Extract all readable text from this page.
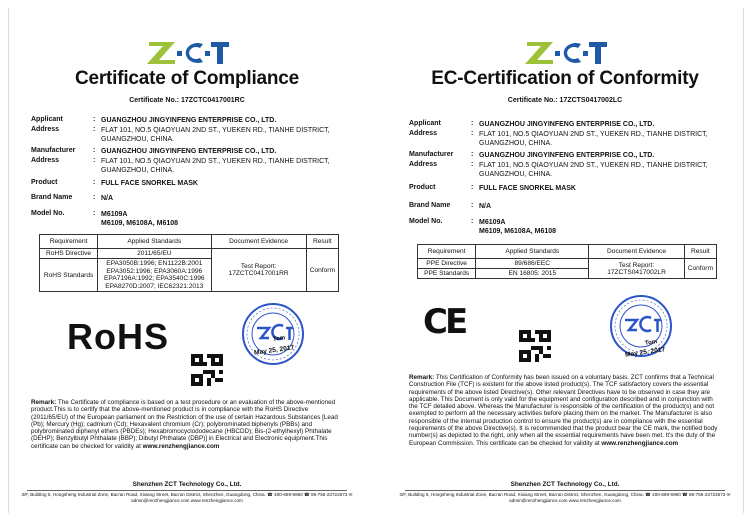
Certificate of Compliance
Certificate No.: 17ZCTC0417001RC
Applicant	: GUANGZHOU JINGYINFENG ENTERPRISE CO., LTD.
Address	: FLAT 101, NO.5 QIAOYUAN 2ND ST., YUEKEN RD., TIANHE DISTRICT, GUANGZHOU, CHINA.
Manufacturer	: GUANGZHOU JINGYINFENG ENTERPRISE CO., LTD.
Address	: FLAT 101, NO.5 QIAOYUAN 2ND ST., YUEKEN RD., TIANHE DISTRICT, GUANGZHOU, CHINA.
Product	: FULL FACE SNORKEL MASK
Brand Name	: N/A
Model No.	: M6109A
M6109, M6108A, M6108
Requirement	Applied Standards	Document Evidence	Result
RoHS Directive	2011/65/EU	Test Report: 17ZCTC0417001RR	Conform
RoHS Standards	EPA3050B:1996; EN1122B:2001 EPA3052:1996; EPA3060A:1996 EPA7196A:1992; EPA3540C:1996 EPA8270D:2007; IEC62321:2013		
RoHS	Tom
May 25, 2017
Remark: The Certificate of compliance is based on a test procedure or an evaluation of the above-mentioned product.This is to certify that the above-mentioned product is in compliance with the RoHS Directive (2011/65/EU) of the European parliament on the Restriction of the use of certain Hazardous Substances [Lead (Pb); Mercury (Hg); cadmium (Cd); Hexavalent chromium (Cr); polybrominated biphenyls (PBBs) and polybrominated diphenyl ethers (PBDEs); Hexabromocyclododecane (HBCDD); Bis-(2-ethylhexyl) Phthalate (DEHP); Benzylbutyl Phthalate (BBP); Dibutyl Phthalate (DBP)] in Electrical and Electronic equipment.This certificate can be checked for validity at www.renzhengjiance.com
Shenzhen ZCT Technology Co., Ltd.
3/F, Building 5, Hongsheng Industrial Zone, Bao'an Road, Xixiang Street, Bao'an District, Shenzhen, Guangdong, China. ☎ 400-669-6960 ☎ 86-755-23722673 ✉ admin@renzhengjiance.com www.renzhengjiance.com
EC-Certification of Conformity
Certificate No.: 17ZCTS0417002LC
Applicant	: GUANGZHOU JINGYINFENG ENTERPRISE CO., LTD.
Address	: FLAT 101, NO.5 QIAOYUAN 2ND ST., YUEKEN RD., TIANHE DISTRICT, GUANGZHOU, CHINA.
Manufacturer	: GUANGZHOU JINGYINFENG ENTERPRISE CO., LTD.
Address	: FLAT 101, NO.5 QIAOYUAN 2ND ST., YUEKEN RD., TIANHE DISTRICT, GUANGZHOU, CHINA.
Product	: FULL FACE SNORKEL MASK
Brand Name	: N/A
Model No.	: M6109A
M6109, M6108A, M6108
Requirement	Applied Standards	Document Evidence	Result
PPE Directive	89/686/EEC	Test Report: 17ZCTS0417002LR	Conform
PPE Standards	EN 16805: 2015		
CE
Tom
May 25, 2017
Remark: This Certification of Conformity has been issued on a voluntary basis. ZCT confirms that a Technical Construction File (TCF) is existent for the above listed product(s). The TCF satisfactory covers the essential requirements of the above listed Directive(s). Other relevant Directives have to be observed in case they are applicable. This Document is only valid for the equipment and configuration described and in conjunction with the TCF detailed above. Whereas the Manufacturer is responsible of the certification of the product(s) and not exempted to perform all the necessary activities before placing them on the market. The Manufacturer is also responsible of the internal production control to ensure the product(s) are in compliance with the essential requirements of the above Directive(s). It is recommended that the product bear the CE mark, the notified body number(s) as depicted to the right, only when all the essential requirements have been met. It's the duty of the European Commission. This certificate can be checked for validity at www.renzhengjiance.com
Shenzhen ZCT Technology Co., Ltd.
3/F, Building 5, Hongsheng Industrial Zone, Bao'an Road, Xixiang Street, Bao'an District, Shenzhen, Guangdong, China. ☎ 400-669-6960 ☎ 86-755-23722673 ✉ admin@renzhengjiance.com www.renzhengjiance.com
